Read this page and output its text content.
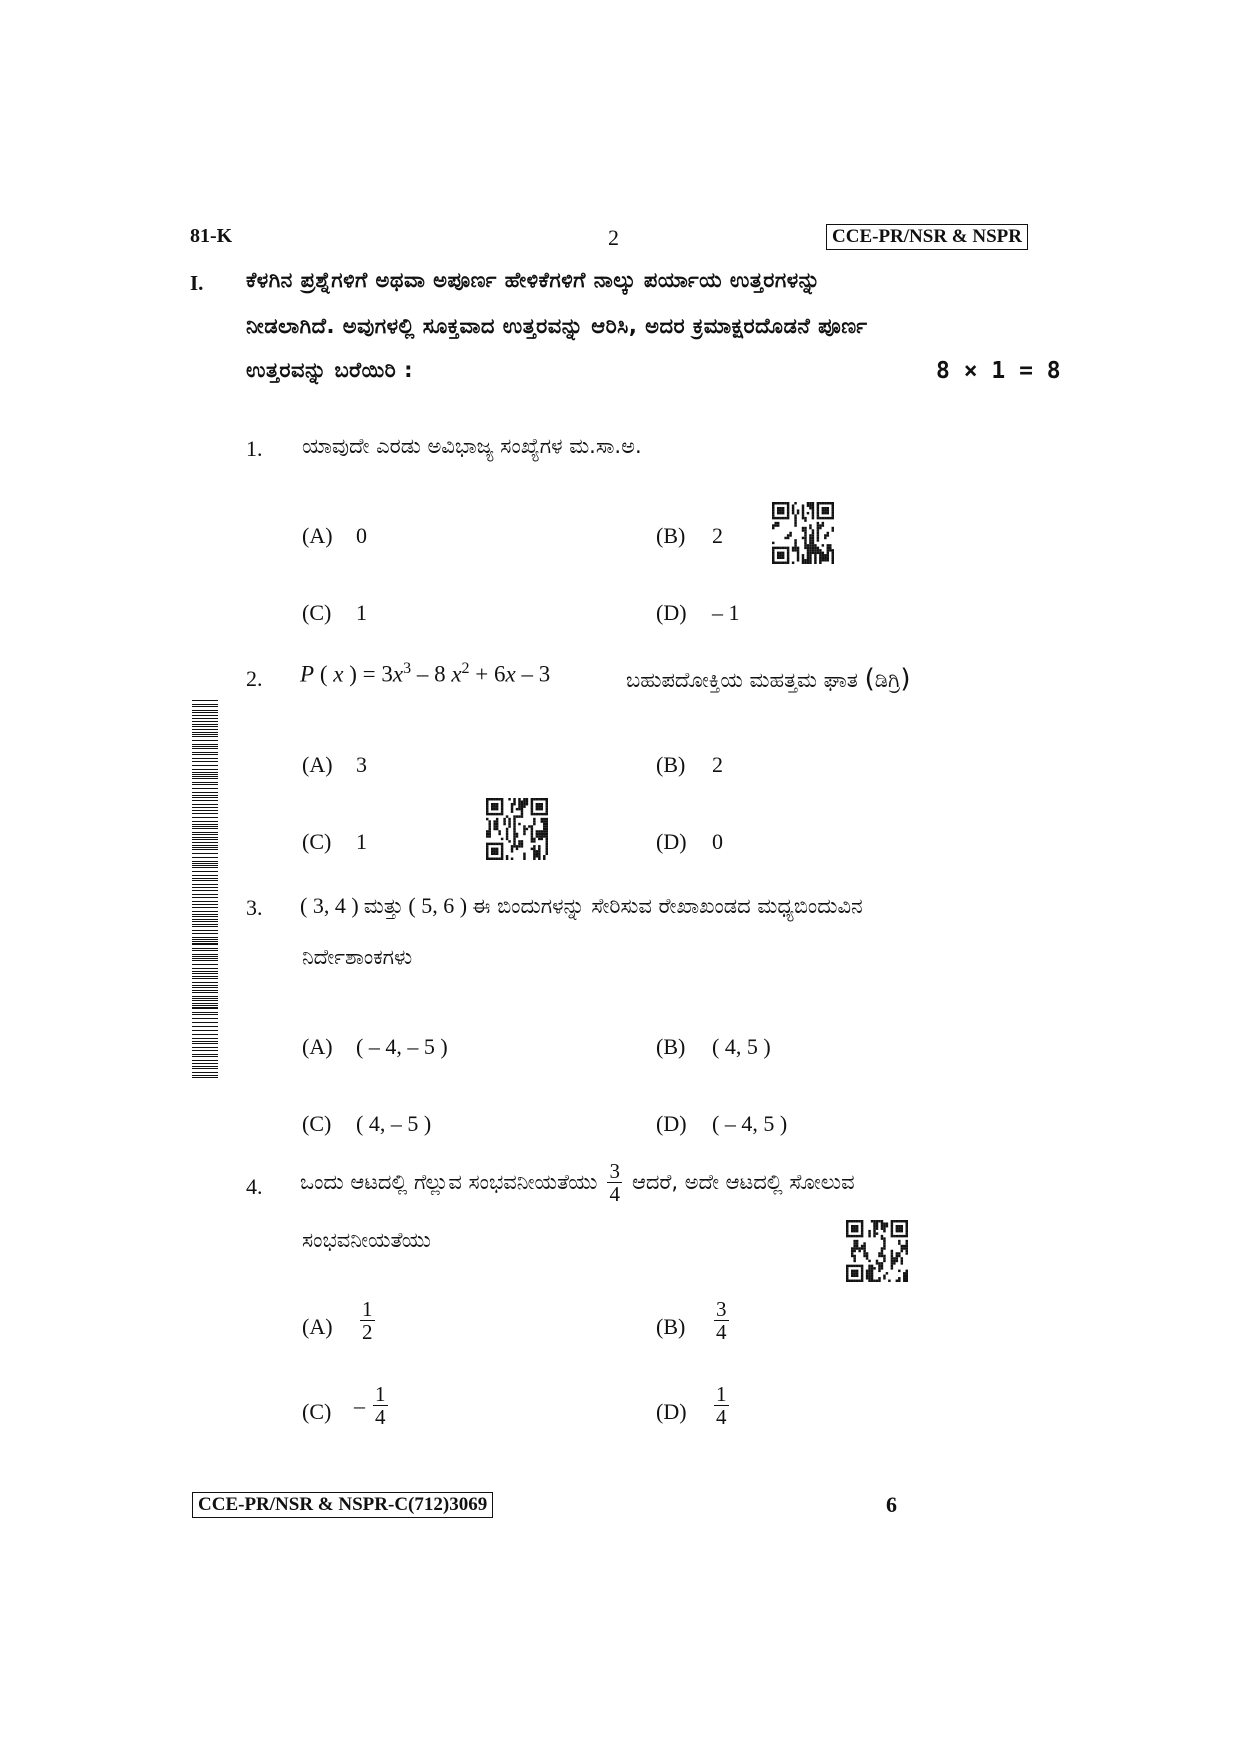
81-K	2	CCE-PR/NSR & NSPR
I. ಕೆಳಗಿನ ಪ್ರಶ್ನೆಗಳಿಗೆ ಅಥವಾ ಅಪೂರ್ಣ ಹೇಳಿಕೆಗಳಿಗೆ ನಾಲ್ಕು ಪರ್ಯಾಯ ಉತ್ತರಗಳನ್ನು
ನೀಡಲಾಗಿದೆ. ಅವುಗಳಲ್ಲಿ ಸೂಕ್ತವಾದ ಉತ್ತರವನ್ನು ಆರಿಸಿ, ಅದರ ಕ್ರಮಾಕ್ಷರದೊಡನೆ ಪೂರ್ಣ
ಉತ್ತರವನ್ನು ಬರೆಯಿರಿ :	8 × 1 = 8
1. ಯಾವುದೇ ಎರಡು ಅವಿಭಾಜ್ಯ ಸಂಖ್ಯೆಗಳ ಮ.ಸಾ.ಅ.
(A) 0	(B) 2
(C) 1	(D) – 1
2. P ( x ) = $3x^3 - 8$ $x^2 + 6x - 3$	ಬಹುಪದೋಕ್ತಿಯ ಮಹತ್ತಮ ಘಾತ (ಡಿಗ್ರಿ)
(A) 3	(B) 2
(C) 1	(D) 0
3. ( 3, 4 ) ಮತ್ತು ( 5, 6 ) ಈ ಬಿಂದುಗಳನ್ನು ಸೇರಿಸುವ ರೇಖಾಖಂಡದ ಮಧ್ಯಬಿಂದುವಿನ
ನಿರ್ದೇಶಾಂಕಗಳು
(A) ( – 4, – 5 )	(B) ( 4, 5 )
(C) ( 4, – 5 )	(D) ( – 4, 5 )
4. ಒಂದು ಆಟದಲ್ಲಿ ಗೆಲ್ಲುವ ಸಂಭವನೀಯತೆಯು $\frac{3}{4}$ ಆದರೆ, ಅದೇ ಆಟದಲ್ಲಿ ಸೋಲುವ
ಸಂಭವನೀಯತೆಯು
$(A) \frac{1}{2}$	$(B) \frac{3}{4}$
$(C) - \frac{1}{4}$	$(D) \frac{1}{4}$
CCE-PR/NSR & NSPR-C(712)3069	6
